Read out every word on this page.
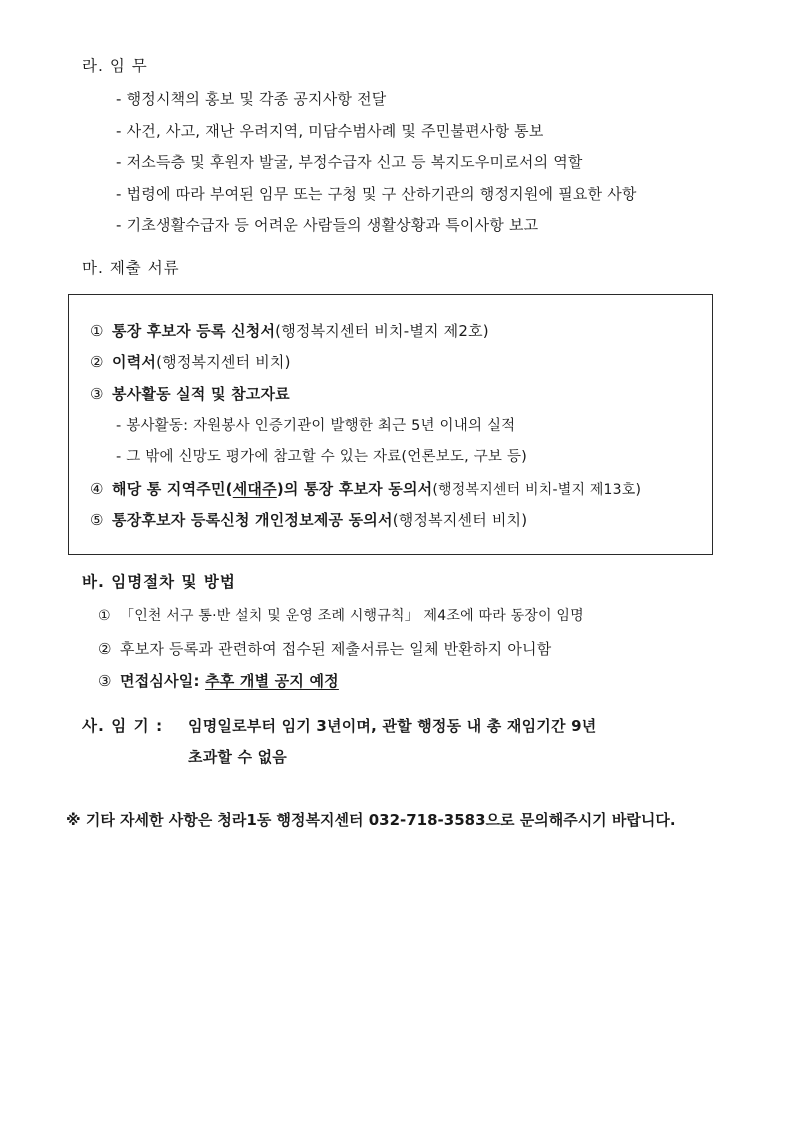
라. 임 무
- 행정시책의 홍보 및 각종 공지사항 전달
- 사건, 사고, 재난 우려지역, 미담수범사례 및 주민불편사항 통보
- 저소득층 및 후원자 발굴, 부정수급자 신고 등 복지도우미로서의 역할
- 법령에 따라 부여된 임무 또는 구청 및 구 산하기관의 행정지원에 필요한 사항
- 기초생활수급자 등 어려운 사람들의 생활상황과 특이사항 보고
마. 제출 서류
① 통장 후보자 등록 신청서(행정복지센터 비치-별지 제2호)
② 이력서(행정복지센터 비치)
③ 봉사활동 실적 및 참고자료
- 봉사활동: 자원봉사 인증기관이 발행한 최근 5년 이내의 실적
- 그 밖에 신망도 평가에 참고할 수 있는 자료(언론보도, 구보 등)
④ 해당 통 지역주민(세대주)의 통장 후보자 동의서(행정복지센터 비치-별지 제13호)
⑤ 통장후보자 등록신청 개인정보제공 동의서(행정복지센터 비치)
바. 임명절차 및 방법
① 「인천 서구 통·반 설치 및 운영 조례 시행규칙」 제4조에 따라 동장이 임명
② 후보자 등록과 관련하여 접수된 제출서류는 일체 반환하지 아니함
③ 면접심사일: 추후 개별 공지 예정
사. 임 기 : 임명일로부터 임기 3년이며, 관할 행정동 내 총 재임기간 9년
초과할 수 없음
※ 기타 자세한 사항은 청라1동 행정복지센터 032-718-3583으로 문의해주시기 바랍니다.
